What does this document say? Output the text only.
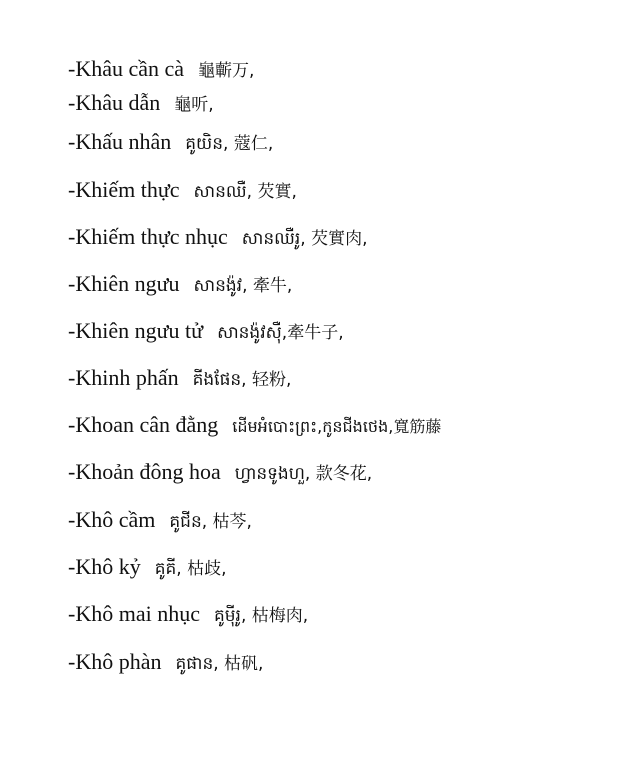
-Khâu cần cà 龜蘄万,
-Khâu dẫn 龜听,
-Khấu nhân គូយិន, 蔻仁,
-Khiếm thực សានឈឺ, 芡實,
-Khiếm thực nhục សានឈឺរូ, 芡實肉,
-Khiên ngưu សានង៉ូវ, 牽牛,
-Khiên ngưu tử សានង៉ូវស៊ឺ,牽牛子,
-Khinh phấn គីងផែន, 轻粉,
-Khoan cân đằng ដើមអំបោះព្រះ,កូនជីងថេង,寬筋藤
-Khoản đông hoa ហ្វានទូងហួ, 款冬花,
-Khô cầm គូជីន, 枯芩,
-Khô kỷ គូគី, 枯歧,
-Khô mai nhục គូម៉ីរូ, 枯梅肉,
-Khô phàn គូផាន, 枯矾,
